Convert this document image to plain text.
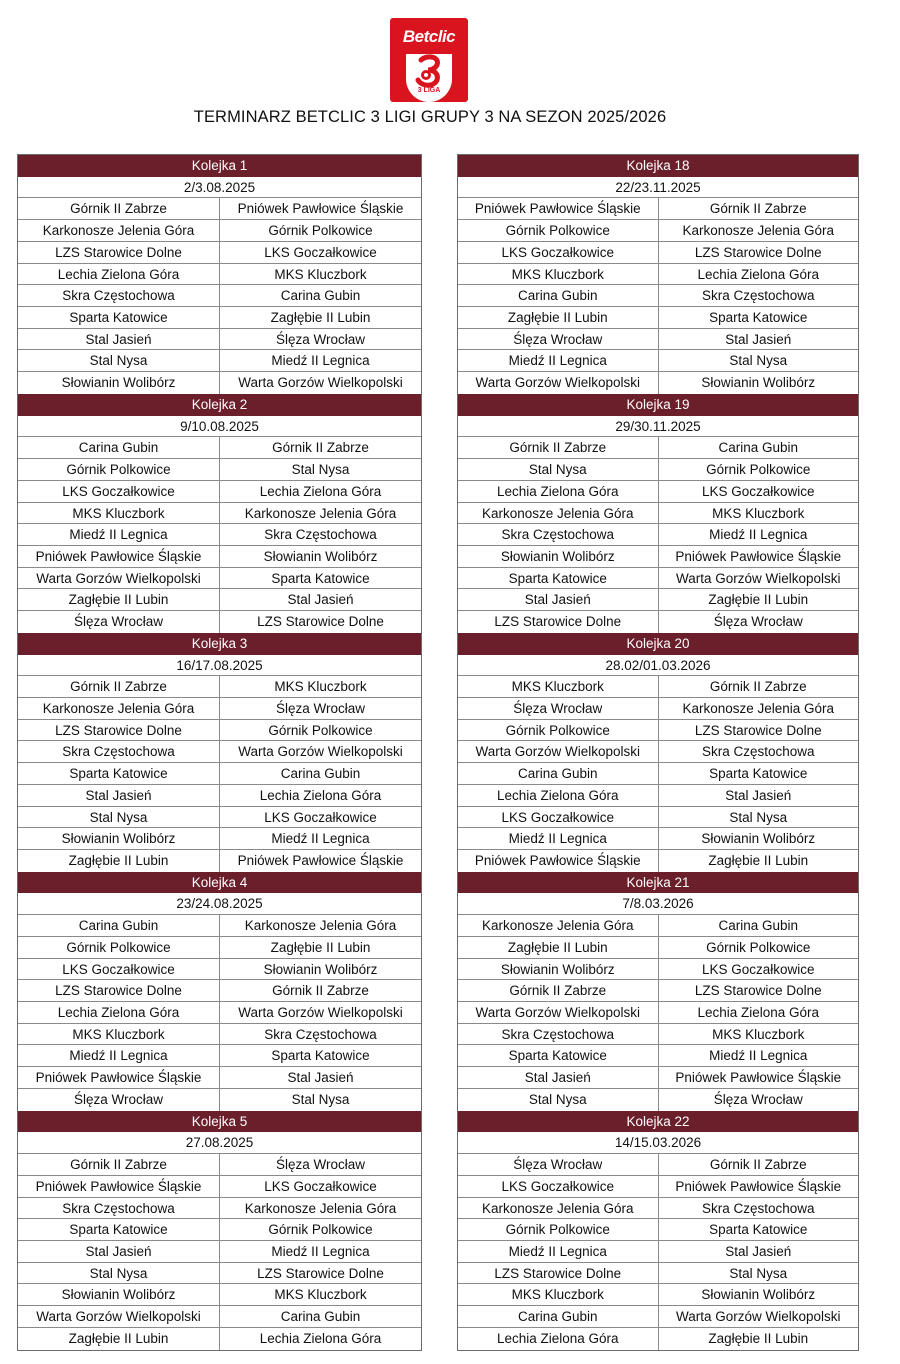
Betclic
3 LIGA
TERMINARZ BETCLIC 3 LIGI GRUPY 3 NA SEZON 2025/2026
Kolejka 1
2/3.08.2025
Górnik II Zabrze	Pniówek Pawłowice Śląskie
Karkonosze Jelenia Góra	Górnik Polkowice
LZS Starowice Dolne	LKS Goczałkowice
Lechia Zielona Góra	MKS Kluczbork
Skra Częstochowa	Carina Gubin
Sparta Katowice	Zagłębie II Lubin
Stal Jasień	Ślęza Wrocław
Stal Nysa	Miedź II Legnica
Słowianin Wolibórz	Warta Gorzów Wielkopolski
Kolejka 2
9/10.08.2025
Carina Gubin	Górnik II Zabrze
Górnik Polkowice	Stal Nysa
LKS Goczałkowice	Lechia Zielona Góra
MKS Kluczbork	Karkonosze Jelenia Góra
Miedź II Legnica	Skra Częstochowa
Pniówek Pawłowice Śląskie	Słowianin Wolibórz
Warta Gorzów Wielkopolski	Sparta Katowice
Zagłębie II Lubin	Stal Jasień
Ślęza Wrocław	LZS Starowice Dolne
Kolejka 3
16/17.08.2025
Górnik II Zabrze	MKS Kluczbork
Karkonosze Jelenia Góra	Ślęza Wrocław
LZS Starowice Dolne	Górnik Polkowice
Skra Częstochowa	Warta Gorzów Wielkopolski
Sparta Katowice	Carina Gubin
Stal Jasień	Lechia Zielona Góra
Stal Nysa	LKS Goczałkowice
Słowianin Wolibórz	Miedź II Legnica
Zagłębie II Lubin	Pniówek Pawłowice Śląskie
Kolejka 4
23/24.08.2025
Carina Gubin	Karkonosze Jelenia Góra
Górnik Polkowice	Zagłębie II Lubin
LKS Goczałkowice	Słowianin Wolibórz
LZS Starowice Dolne	Górnik II Zabrze
Lechia Zielona Góra	Warta Gorzów Wielkopolski
MKS Kluczbork	Skra Częstochowa
Miedź II Legnica	Sparta Katowice
Pniówek Pawłowice Śląskie	Stal Jasień
Ślęza Wrocław	Stal Nysa
Kolejka 5
27.08.2025
Górnik II Zabrze	Ślęza Wrocław
Pniówek Pawłowice Śląskie	LKS Goczałkowice
Skra Częstochowa	Karkonosze Jelenia Góra
Sparta Katowice	Górnik Polkowice
Stal Jasień	Miedź II Legnica
Stal Nysa	LZS Starowice Dolne
Słowianin Wolibórz	MKS Kluczbork
Warta Gorzów Wielkopolski	Carina Gubin
Zagłębie II Lubin	Lechia Zielona Góra
Kolejka 18
22/23.11.2025
Pniówek Pawłowice Śląskie	Górnik II Zabrze
Górnik Polkowice	Karkonosze Jelenia Góra
LKS Goczałkowice	LZS Starowice Dolne
MKS Kluczbork	Lechia Zielona Góra
Carina Gubin	Skra Częstochowa
Zagłębie II Lubin	Sparta Katowice
Ślęza Wrocław	Stal Jasień
Miedź II Legnica	Stal Nysa
Warta Gorzów Wielkopolski	Słowianin Wolibórz
Kolejka 19
29/30.11.2025
Górnik II Zabrze	Carina Gubin
Stal Nysa	Górnik Polkowice
Lechia Zielona Góra	LKS Goczałkowice
Karkonosze Jelenia Góra	MKS Kluczbork
Skra Częstochowa	Miedź II Legnica
Słowianin Wolibórz	Pniówek Pawłowice Śląskie
Sparta Katowice	Warta Gorzów Wielkopolski
Stal Jasień	Zagłębie II Lubin
LZS Starowice Dolne	Ślęza Wrocław
Kolejka 20
28.02/01.03.2026
MKS Kluczbork	Górnik II Zabrze
Ślęza Wrocław	Karkonosze Jelenia Góra
Górnik Polkowice	LZS Starowice Dolne
Warta Gorzów Wielkopolski	Skra Częstochowa
Carina Gubin	Sparta Katowice
Lechia Zielona Góra	Stal Jasień
LKS Goczałkowice	Stal Nysa
Miedź II Legnica	Słowianin Wolibórz
Pniówek Pawłowice Śląskie	Zagłębie II Lubin
Kolejka 21
7/8.03.2026
Karkonosze Jelenia Góra	Carina Gubin
Zagłębie II Lubin	Górnik Polkowice
Słowianin Wolibórz	LKS Goczałkowice
Górnik II Zabrze	LZS Starowice Dolne
Warta Gorzów Wielkopolski	Lechia Zielona Góra
Skra Częstochowa	MKS Kluczbork
Sparta Katowice	Miedź II Legnica
Stal Jasień	Pniówek Pawłowice Śląskie
Stal Nysa	Ślęza Wrocław
Kolejka 22
14/15.03.2026
Ślęza Wrocław	Górnik II Zabrze
LKS Goczałkowice	Pniówek Pawłowice Śląskie
Karkonosze Jelenia Góra	Skra Częstochowa
Górnik Polkowice	Sparta Katowice
Miedź II Legnica	Stal Jasień
LZS Starowice Dolne	Stal Nysa
MKS Kluczbork	Słowianin Wolibórz
Carina Gubin	Warta Gorzów Wielkopolski
Lechia Zielona Góra	Zagłębie II Lubin
